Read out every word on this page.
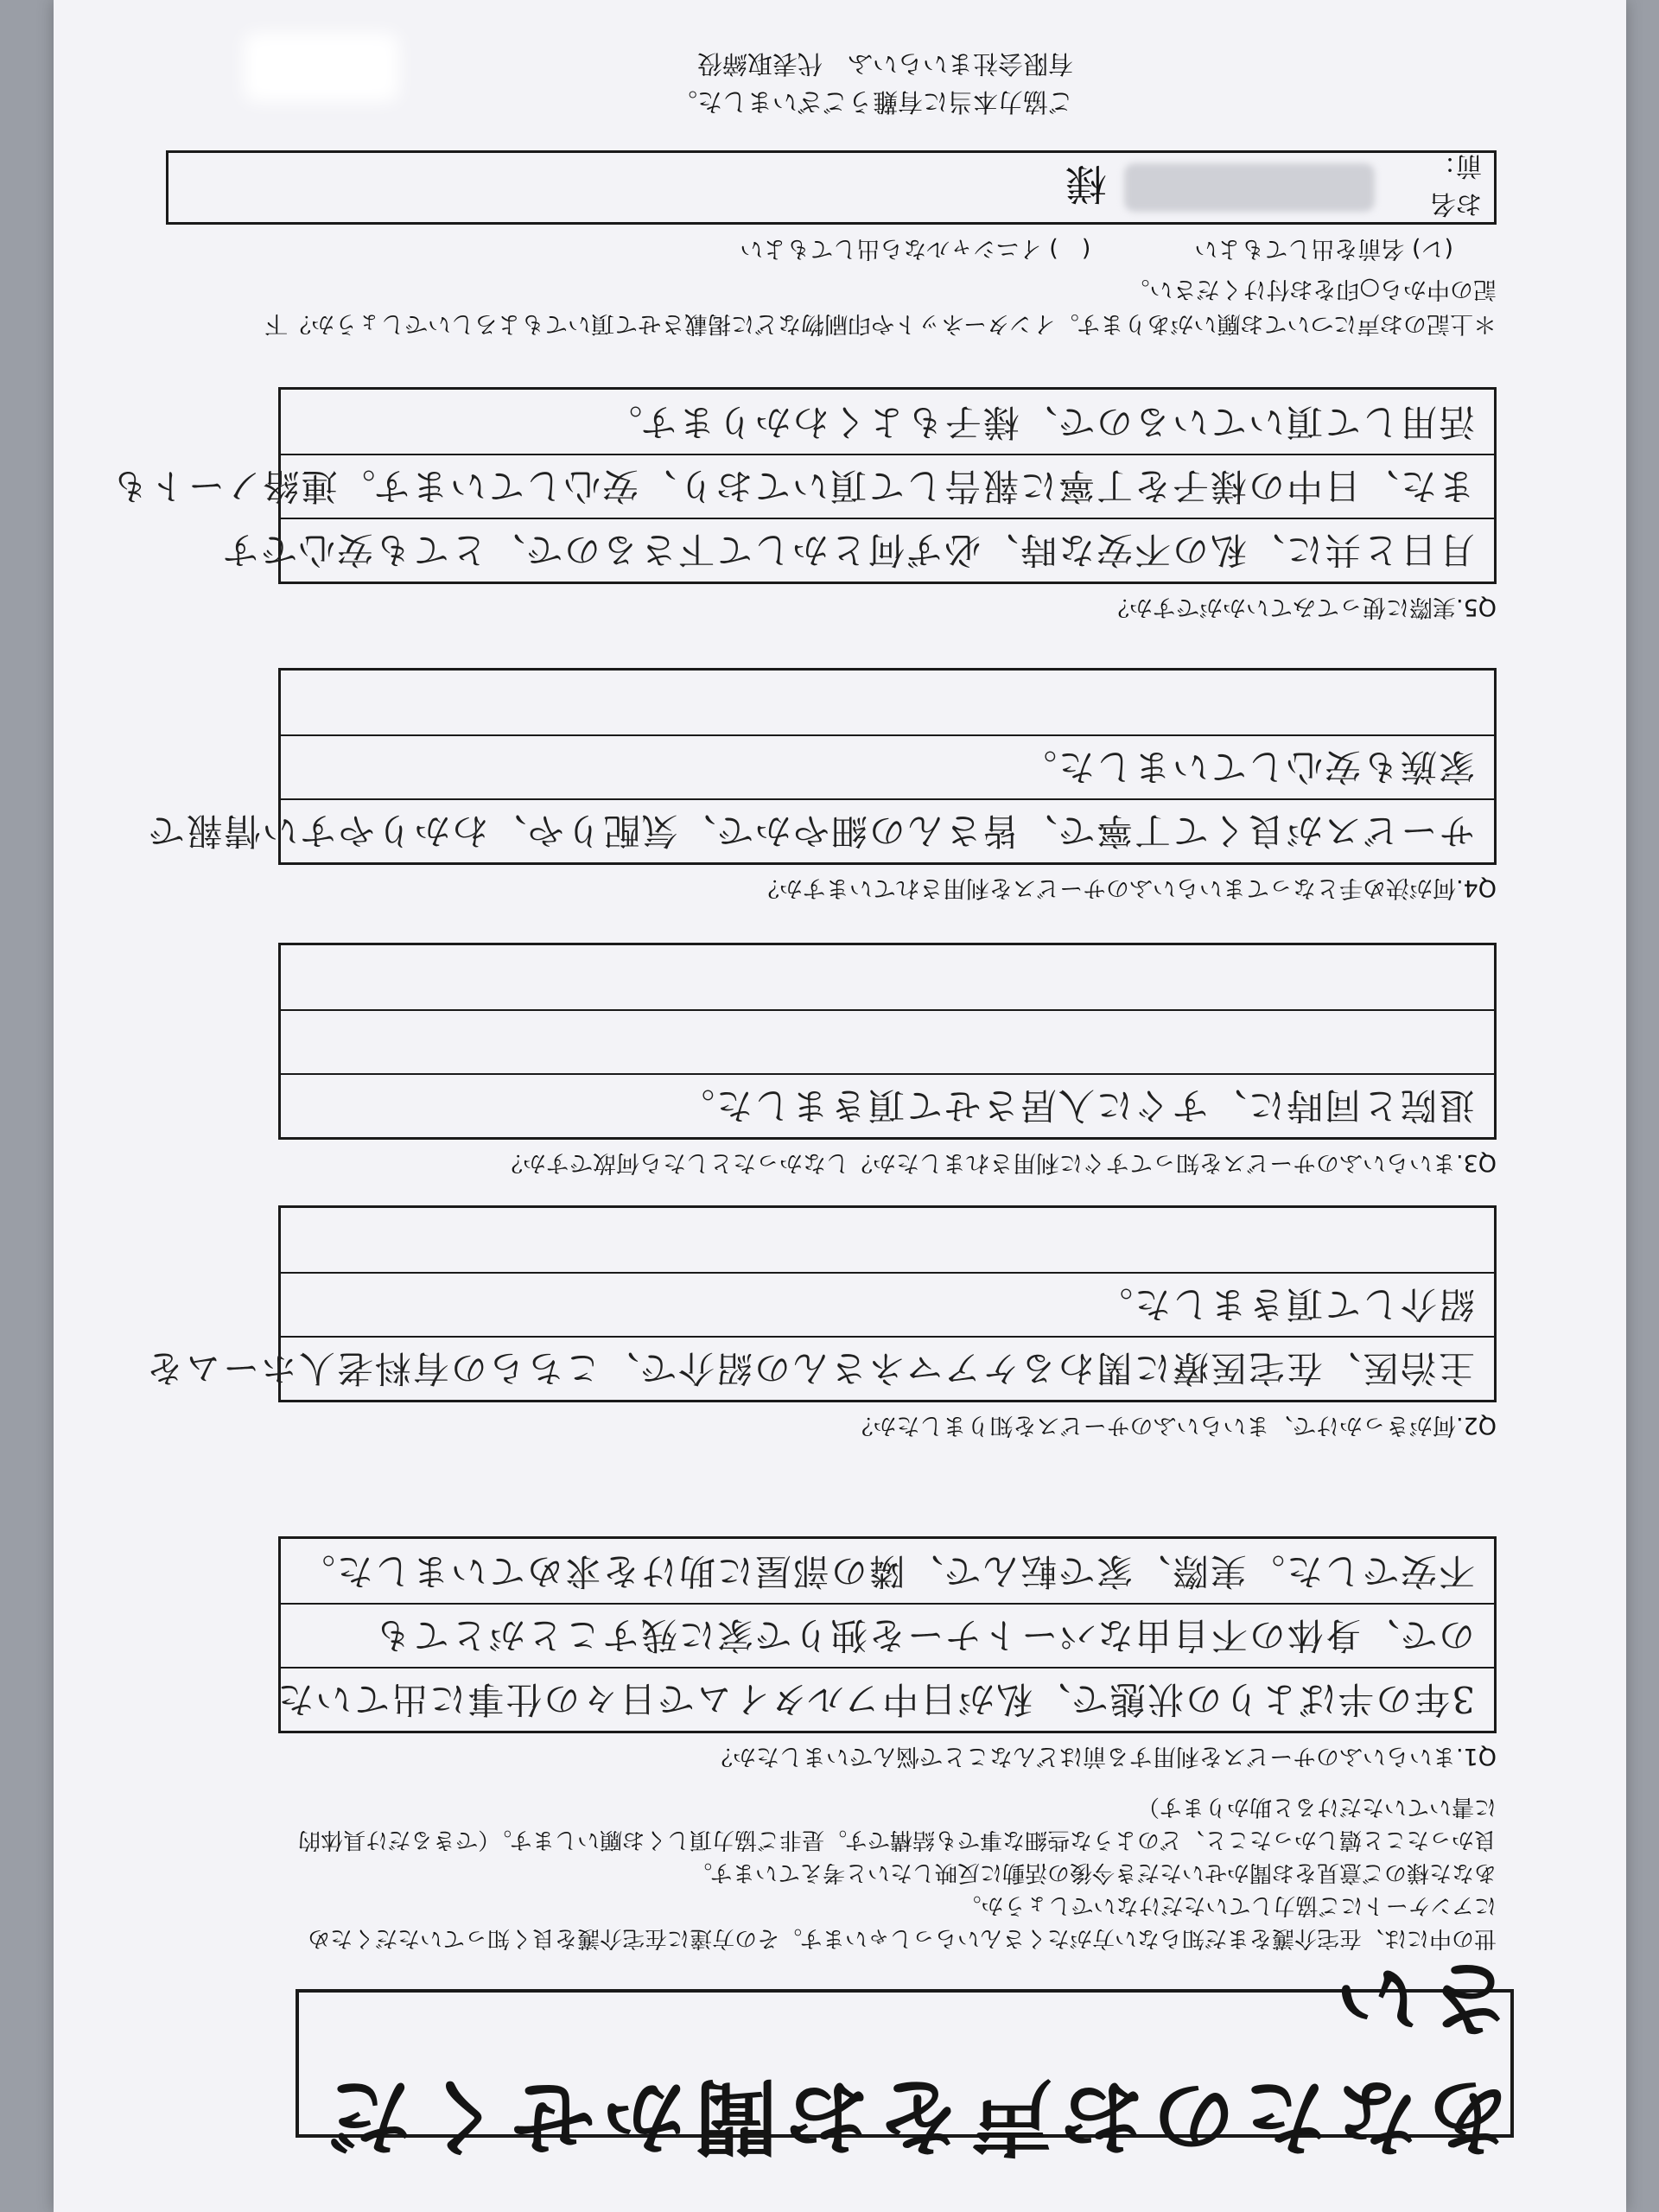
あなたのお声をお聞かせください
世の中には、在宅介護をまだ知らない方がたくさんいらっしゃいます。その方達に在宅介護を良く知っていただくためにアンケートにご協力していただけないでしょうか。
あなた様のご意見をお聞かせいただき今後の活動に反映したいと考えています。
良かったこと嬉しかったこと、どのような些細な事でも結構です。是非ご協力頂しくお願いします。（できるだけ具体的に書いていただけると助かります）
Q1.まいらいふのサービスを利用する前はどんなことで悩んでいましたか？
3年の半ばよりの状態で、私が日中フルタイムで日々の仕事に出ていた
ので、身体の不自由なパートナーを独りで家に残すことがとても
不安でした。実際、家で転んで、隣の部屋に助けを求めていました。
Q2.何がきっかけで、まいらいふのサービスを知りましたか？
主治医、在宅医療に関わるケアマネさんの紹介で、こちらの有料老人ホームを
紹介して頂きました。
Q3.まいらいふのサービスを知ってすぐに利用されましたか？しなかったとしたら何故ですか？
退院と同時に、すぐに入居させて頂きました。
Q4.何が決め手となってまいらいふのサービスを利用されていますか？
サービスが良くて丁寧で、皆さんの細やかで、気配りや、わかりやすい情報で
家族も安心していました。
Q5.実際に使ってみていかがですか？
月日と共に、私の不安な時、必ず何とかして下さるので、とても安心です
また、日中の様子を丁寧に報告して頂いており、安心しています。連絡ノートも
活用して頂いているので、様子もよくわかります。
＊上記のお声についてお願いがあります。インターネットや印刷物などに掲載させて頂いてもよろしいでしょうか？下記の中から○印をお付けください。
(レ) 名前を出してもよい
(　) イニシャルなら出してもよい
お名前：
様
ご協力本当に有難うございました。
有限会社まいらいふ　代表取締役
